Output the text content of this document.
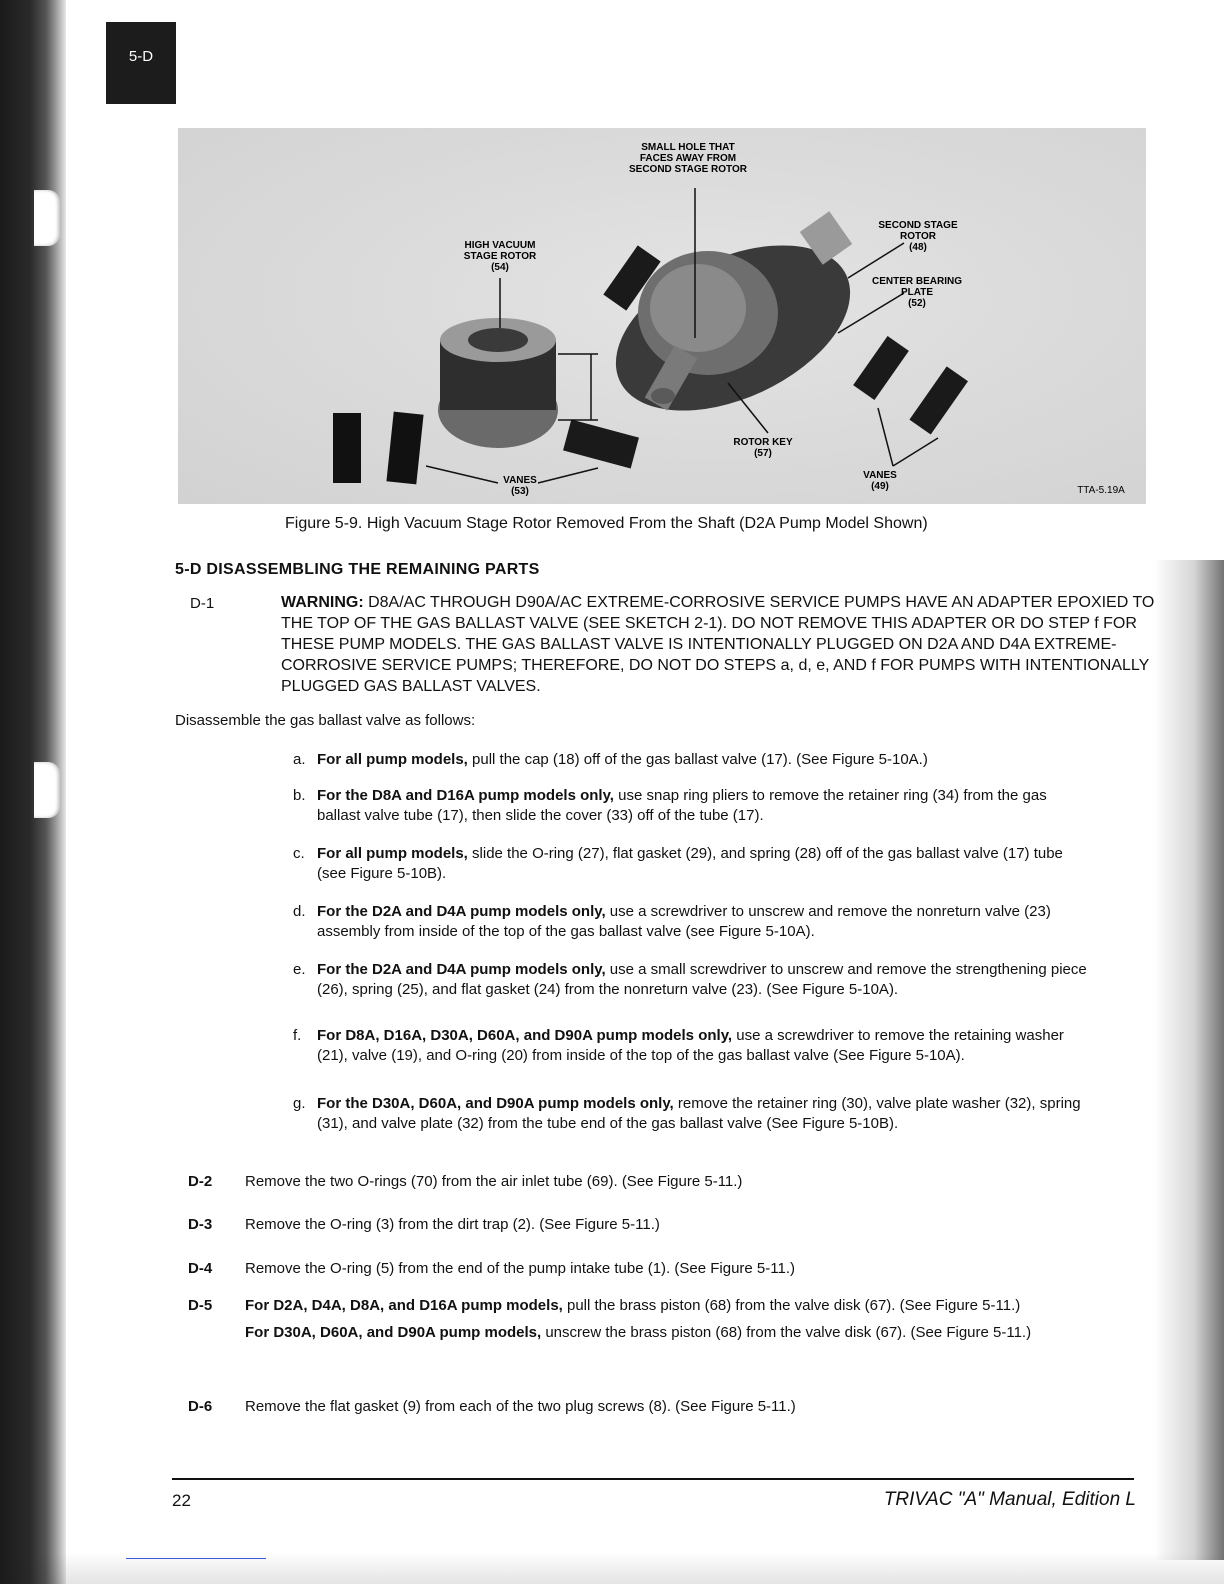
5-D
SMALL HOLE THAT
FACES AWAY FROM
SECOND STAGE ROTOR
HIGH VACUUM
STAGE ROTOR
(54)
SECOND STAGE
ROTOR
(48)
CENTER BEARING
PLATE
(52)
ROTOR KEY
(57)
VANES
(53)
VANES
(49)	TTA-5.19A
Figure 5-9. High Vacuum Stage Rotor Removed From the Shaft (D2A Pump Model Shown)
5-D DISASSEMBLING THE REMAINING PARTS
D-1	WARNING: D8A/AC THROUGH D90A/AC EXTREME-CORROSIVE SERVICE PUMPS HAVE AN ADAPTER EPOXIED TO THE TOP OF THE GAS BALLAST VALVE (SEE SKETCH 2-1). DO NOT REMOVE THIS ADAPTER OR DO STEP f FOR THESE PUMP MODELS. THE GAS BALLAST VALVE IS INTENTIONALLY PLUGGED ON D2A AND D4A EXTREME-CORROSIVE SERVICE PUMPS; THEREFORE, DO NOT DO STEPS a, d, e, AND f FOR PUMPS WITH INTENTIONALLY PLUGGED GAS BALLAST VALVES.
Disassemble the gas ballast valve as follows:
a. For all pump models, pull the cap (18) off of the gas ballast valve (17). (See Figure 5-10A.)
b. For the D8A and D16A pump models only, use snap ring pliers to remove the retainer ring (34) from the gas ballast valve tube (17), then slide the cover (33) off of the tube (17).
c. For all pump models, slide the O-ring (27), flat gasket (29), and spring (28) off of the gas ballast valve (17) tube (see Figure 5-10B).
d. For the D2A and D4A pump models only, use a screwdriver to unscrew and remove the nonreturn valve (23) assembly from inside of the top of the gas ballast valve (see Figure 5-10A).
e. For the D2A and D4A pump models only, use a small screwdriver to unscrew and remove the strengthening piece (26), spring (25), and flat gasket (24) from the nonreturn valve (23). (See Figure 5-10A).
f. For D8A, D16A, D30A, D60A, and D90A pump models only, use a screwdriver to remove the retaining washer (21), valve (19), and O-ring (20) from inside of the top of the gas ballast valve (See Figure 5-10A).
g. For the D30A, D60A, and D90A pump models only, remove the retainer ring (30), valve plate washer (32), spring (31), and valve plate (32) from the tube end of the gas ballast valve (See Figure 5-10B).
D-2 Remove the two O-rings (70) from the air inlet tube (69). (See Figure 5-11.)
D-3 Remove the O-ring (3) from the dirt trap (2). (See Figure 5-11.)
D-4 Remove the O-ring (5) from the end of the pump intake tube (1). (See Figure 5-11.)
D-5 For D2A, D4A, D8A, and D16A pump models, pull the brass piston (68) from the valve disk (67). (See Figure 5-11.)
For D30A, D60A, and D90A pump models, unscrew the brass piston (68) from the valve disk (67). (See Figure 5-11.)
D-6 Remove the flat gasket (9) from each of the two plug screws (8). (See Figure 5-11.)
22	TRIVAC "A" Manual, Edition L
